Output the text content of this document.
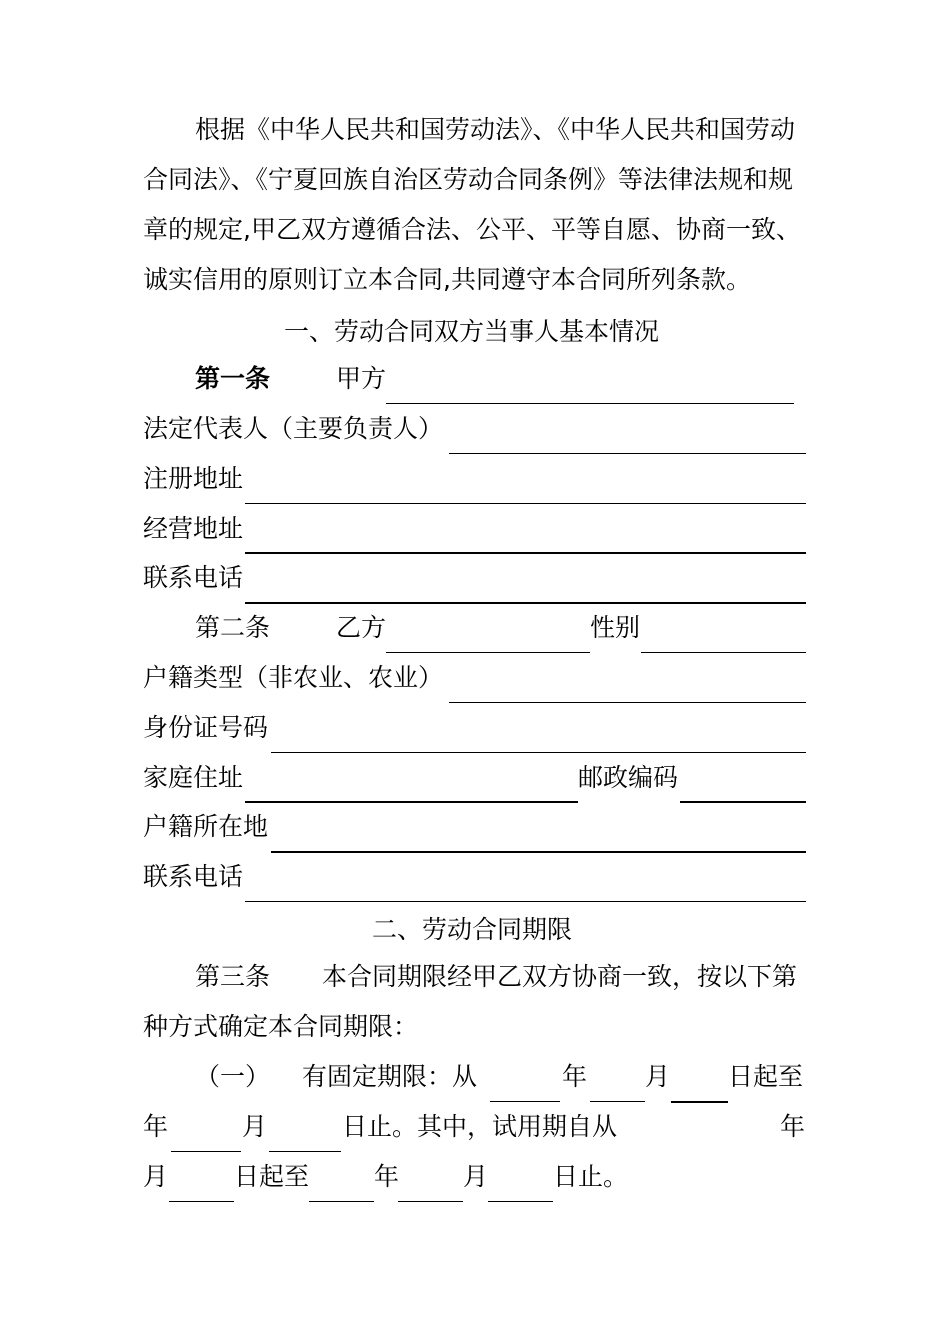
根据《中华人民共和国劳动法》、《中华人民共和国劳动
合同法》、《宁夏回族自治区劳动合同条例》等法律法规和规
章的规定,甲乙双方遵循合法、公平、平等自愿、协商一致、
诚实信用的原则订立本合同,共同遵守本合同所列条款。
一、劳动合同双方当事人基本情况
第一条	甲方
法定代表人（主要负责人）
注册地址
经营地址
联系电话
第二条	乙方	性别
户籍类型（非农业、农业）
身份证号码
家庭住址	邮政编码
户籍所在地
联系电话
二、劳动合同期限
第三条 本合同期限经甲乙双方协商一致，按以下第
种方式确定本合同期限：
（一） 有固定期限：从	年 月 日起至
年	月	日止。其中，试用期自从	年
月	日起至	年	月	日止。
